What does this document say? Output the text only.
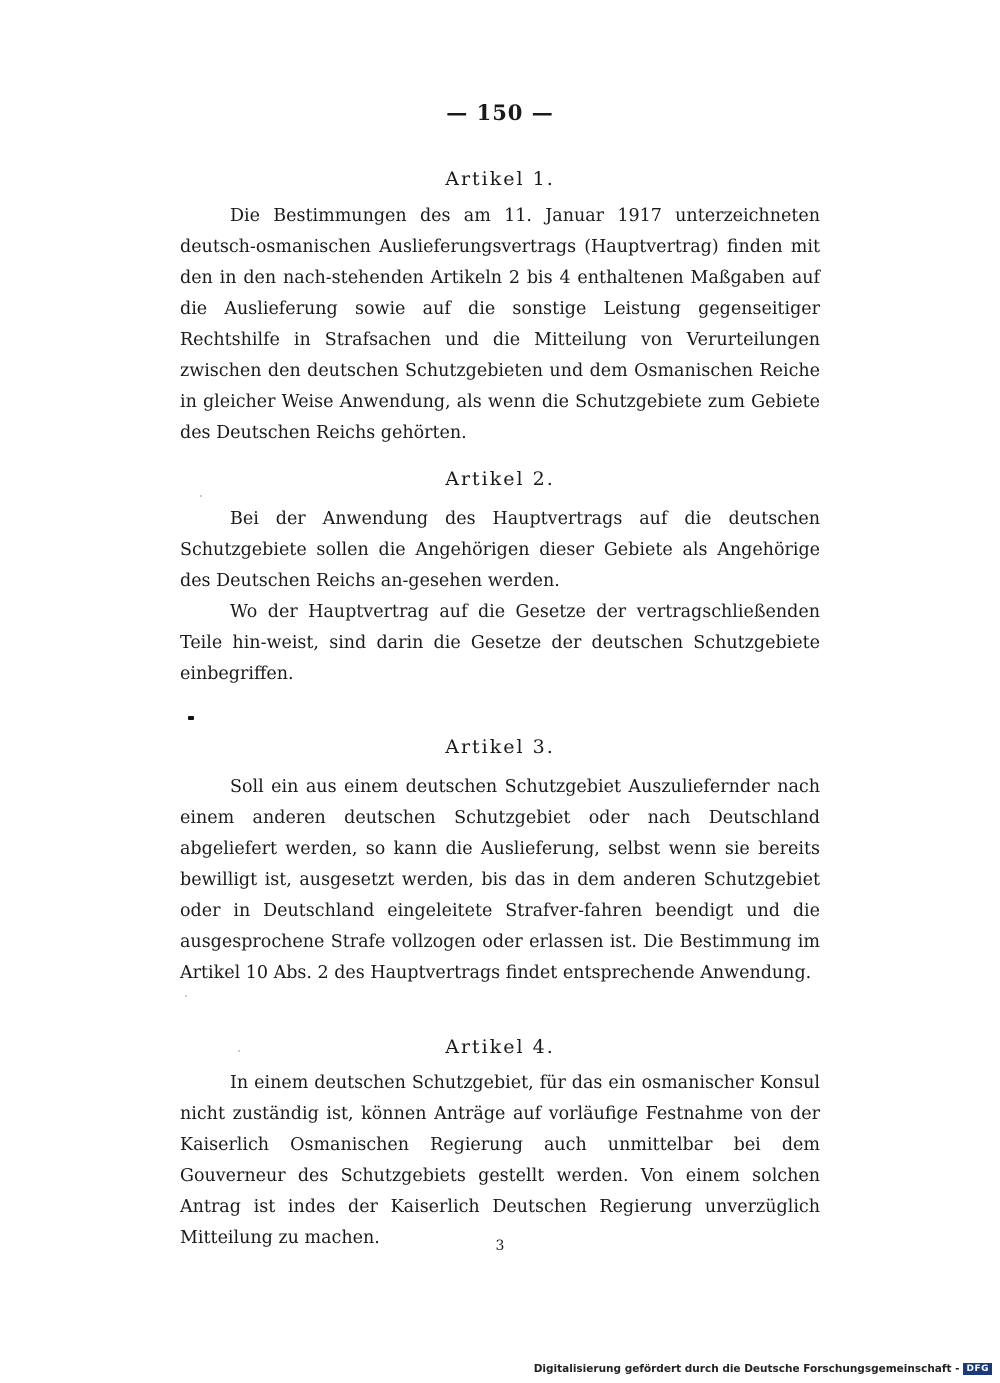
— 150 —
Artikel 1.
Die Bestimmungen des am 11. Januar 1917 unterzeichneten deutsch-osmanischen Auslieferungsvertrags (Hauptvertrag) finden mit den in den nach-stehenden Artikeln 2 bis 4 enthaltenen Maßgaben auf die Auslieferung sowie auf die sonstige Leistung gegenseitiger Rechtshilfe in Strafsachen und die Mitteilung von Verurteilungen zwischen den deutschen Schutzgebieten und dem Osmanischen Reiche in gleicher Weise Anwendung, als wenn die Schutzgebiete zum Gebiete des Deutschen Reichs gehörten.
Artikel 2.
Bei der Anwendung des Hauptvertrags auf die deutschen Schutzgebiete sollen die Angehörigen dieser Gebiete als Angehörige des Deutschen Reichs an-gesehen werden.
Wo der Hauptvertrag auf die Gesetze der vertragschließenden Teile hin-weist, sind darin die Gesetze der deutschen Schutzgebiete einbegriffen.
Artikel 3.
Soll ein aus einem deutschen Schutzgebiet Auszuliefernder nach einem anderen deutschen Schutzgebiet oder nach Deutschland abgeliefert werden, so kann die Auslieferung, selbst wenn sie bereits bewilligt ist, ausgesetzt werden, bis das in dem anderen Schutzgebiet oder in Deutschland eingeleitete Strafver-fahren beendigt und die ausgesprochene Strafe vollzogen oder erlassen ist. Die Bestimmung im Artikel 10 Abs. 2 des Hauptvertrags findet entsprechende Anwendung.
Artikel 4.
In einem deutschen Schutzgebiet, für das ein osmanischer Konsul nicht zuständig ist, können Anträge auf vorläufige Festnahme von der Kaiserlich Osmanischen Regierung auch unmittelbar bei dem Gouverneur des Schutzgebiets gestellt werden. Von einem solchen Antrag ist indes der Kaiserlich Deutschen Regierung unverzüglich Mitteilung zu machen.	3
Digitalisierung gefördert durch die Deutsche Forschungsgemeinschaft - DFG
